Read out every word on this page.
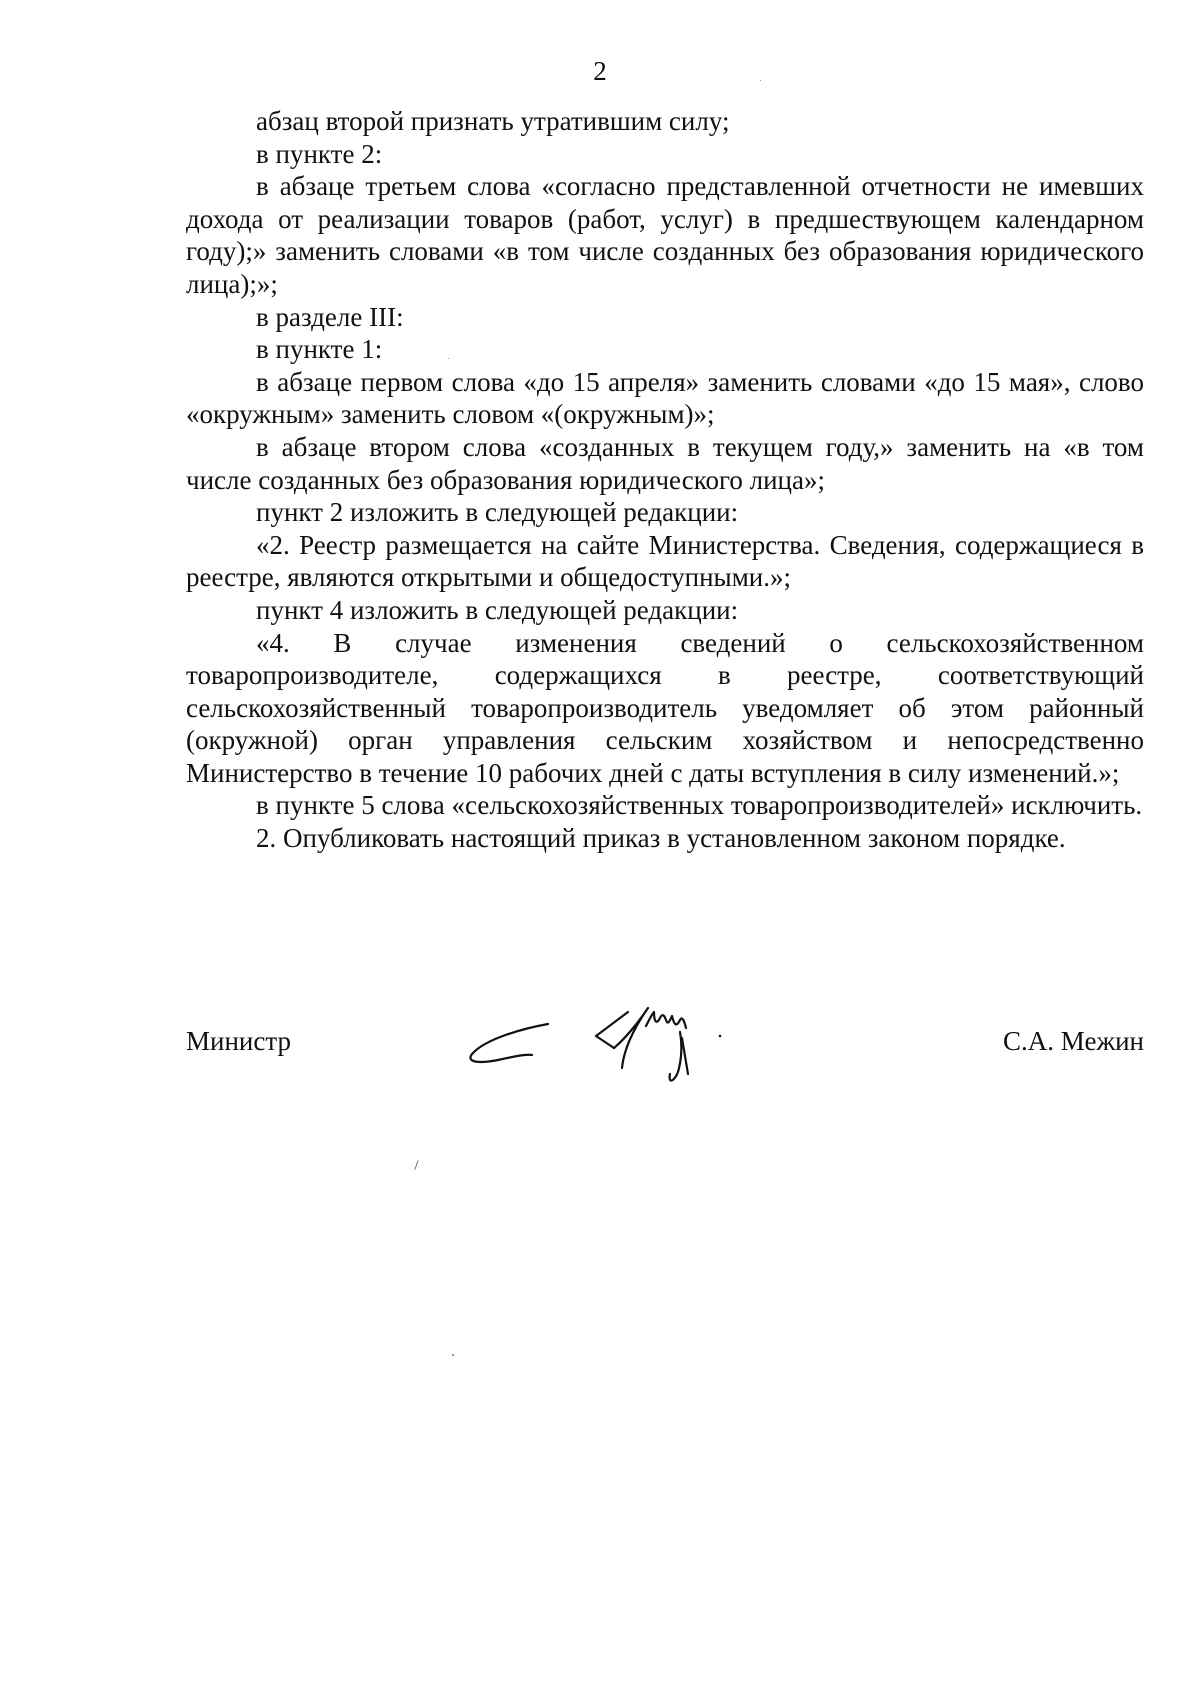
2

абзац второй признать утратившим силу;

в пункте 2:

в абзаце третьем слова «согласно представленной отчетности не имевших дохода от реализации товаров (работ, услуг) в предшествующем календарном году);» заменить словами «в том числе созданных без образования юридического лица);»;

в разделе III:

в пункте 1:

в абзаце первом слова «до 15 апреля» заменить словами «до 15 мая», слово «окружным» заменить словом «(окружным)»;

в абзаце втором слова «созданных в текущем году,» заменить на «в том числе созданных без образования юридического лица»;

пункт 2 изложить в следующей редакции:

«2. Реестр размещается на сайте Министерства. Сведения, содержащиеся в реестре, являются открытыми и общедоступными.»;

пункт 4 изложить в следующей редакции:

«4. В случае изменения сведений о сельскохозяйственном товаропроизводителе, содержащихся в реестре, соответствующий сельскохозяйственный товаропроизводитель уведомляет об этом районный (окружной) орган управления сельским хозяйством и непосредственно Министерство в течение 10 рабочих дней с даты вступления в силу изменений.»;

в пункте 5 слова «сельскохозяйственных товаропроизводителей» исключить.

2. Опубликовать настоящий приказ в установленном законом порядке.

Министр	С.А. Межин
